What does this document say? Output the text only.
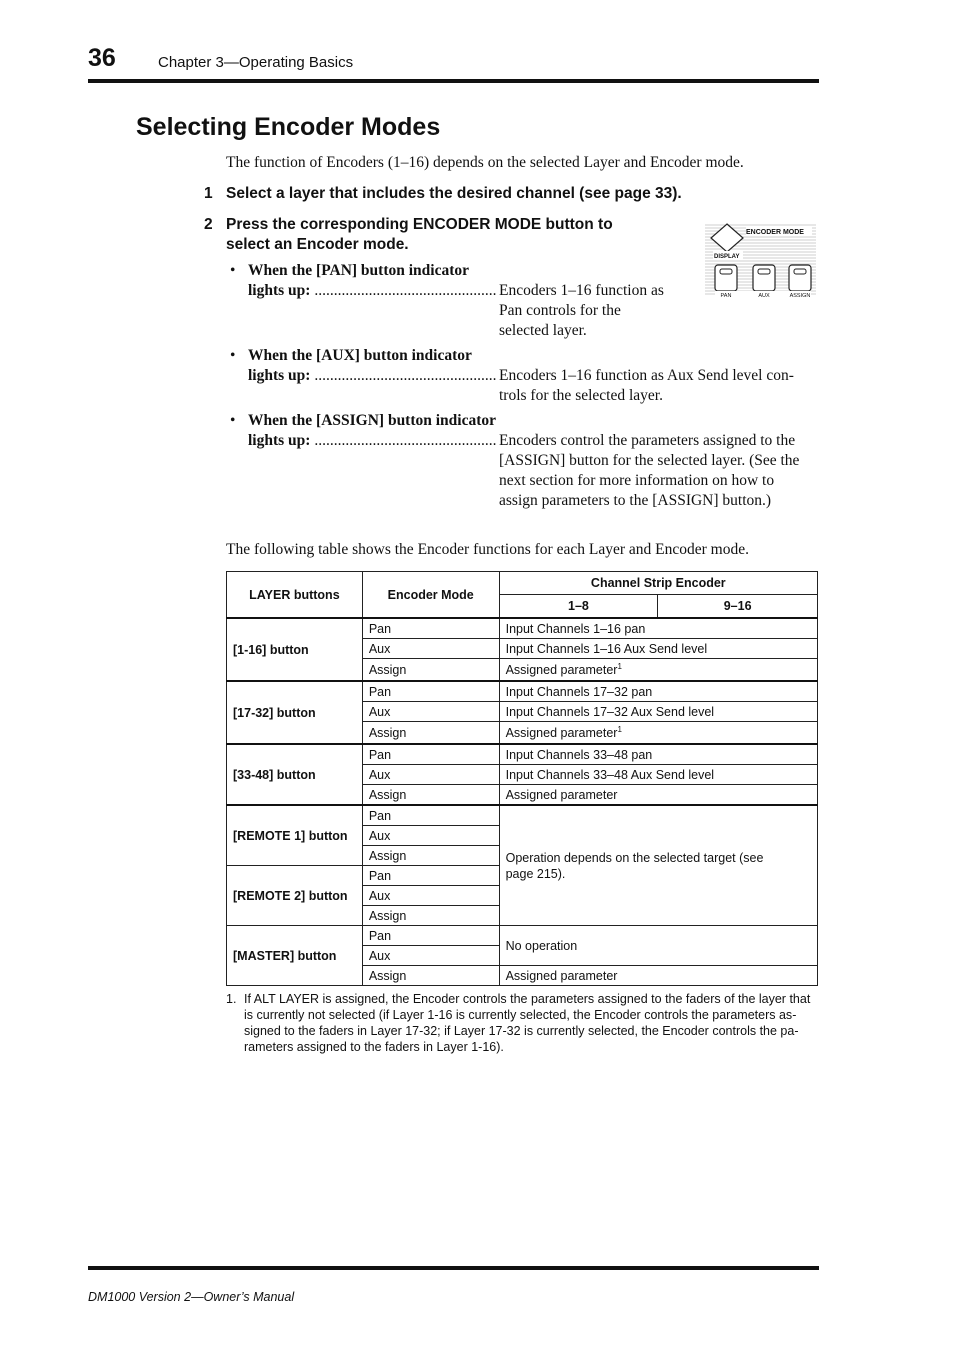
36	Chapter 3—Operating Basics
Selecting Encoder Modes
The function of Encoders (1–16) depends on the selected Layer and Encoder mode.
1 Select a layer that includes the desired channel (see page 33).
2 Press the corresponding ENCODER MODE button to
select an Encoder mode.
ENCODER MODE
DISPLAY
PAN	AUX	ASSIGN
• When the [PAN] button indicator
lights up: ............................................... Encoders 1–16 function as
Pan controls for the
selected layer.
• When the [AUX] button indicator
lights up: ............................................... Encoders 1–16 function as Aux Send level con-
trols for the selected layer.
• When the [ASSIGN] button indicator
lights up: ............................................... Encoders control the parameters assigned to the
[ASSIGN] button for the selected layer. (See the
next section for more information on how to
assign parameters to the [ASSIGN] button.)
The following table shows the Encoder functions for each Layer and Encoder mode.
LAYER buttons	Encoder Mode	Channel Strip Encoder	
		1–8	9–16
[1-16] button	Pan	Input Channels 1–16 pan	
	Aux	Input Channels 1–16 Aux Send level	
	Assign	Assigned parameter$^1$
[17-32] button	Pan	Input Channels 17–32 pan	
	Aux	Input Channels 17–32 Aux Send level	
	Assign	Assigned parameter$^1$
[33-48] button	Pan	Input Channels 33–48 pan	
	Aux	Input Channels 33–48 Aux Send level	
	Assign	Assigned parameter	
[REMOTE 1] button	Pan	Operation depends on the selected target (see page 215).	
	Aux		
	Assign		
[REMOTE 2] button	Pan		
	Aux		
	Assign		
[MASTER] button	Pan	No operation	
	Aux		
	Assign	Assigned parameter	
1. If ALT LAYER is assigned, the Encoder controls the parameters assigned to the faders of the layer that is currently not selected (if Layer 1-16 is currently selected, the Encoder controls the parameters assigned to the faders in Layer 17-32; if Layer 17-32 is currently selected, the Encoder controls the parameters assigned to the faders in Layer 1-16).
DM1000 Version 2—Owner’s Manual
